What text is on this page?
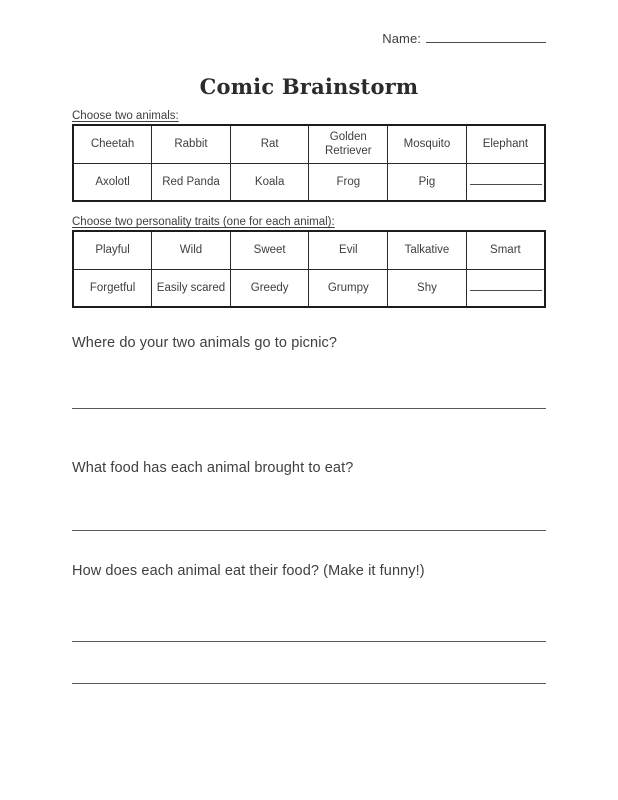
Name:
Comic Brainstorm
Choose two animals:
Cheetah	Rabbit	Rat	Golden Retriever	Mosquito	Elephant
Axolotl	Red Panda	Koala	Frog	Pig	
Choose two personality traits (one for each animal):
Playful	Wild	Sweet	Evil	Talkative	Smart
Forgetful	Easily scared	Greedy	Grumpy	Shy	
Where do your two animals go to picnic?
What food has each animal brought to eat?
How does each animal eat their food? (Make it funny!)
